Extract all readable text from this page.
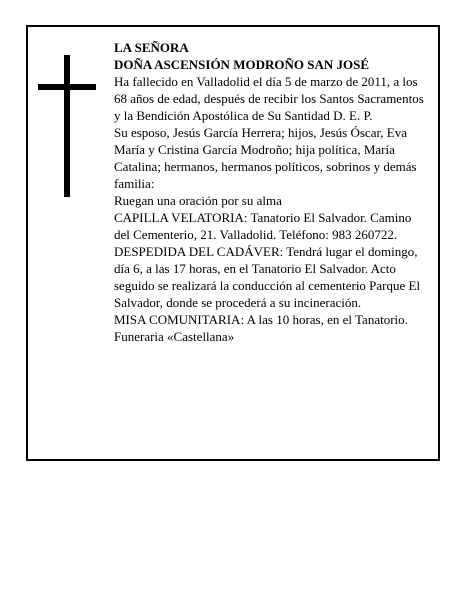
LA SEÑORA

DOÑA ASCENSIÓN MODROÑO SAN JOSÉ

Ha fallecido en Valladolid el día 5 de marzo de 2011, a los 68 años de edad, después de recibir los Santos Sacramentos y la Bendición Apostólica de Su Santidad D. E. P.

Su esposo, Jesús García Herrera; hijos, Jesús Óscar, Eva María y Cristina García Modroño; hija política, María Catalina; hermanos, hermanos políticos, sobrinos y demás familia:

Ruegan una oración por su alma

CAPILLA VELATORIA: Tanatorio El Salvador. Camino del Cementerio, 21. Valladolid. Teléfono: 983 260722.

DESPEDIDA DEL CADÁVER: Tendrá lugar el domingo, día 6, a las 17 horas, en el Tanatorio El Salvador. Acto seguido se realizará la conducción al cementerio Parque El Salvador, donde se procederá a su incineración.

MISA COMUNITARIA: A las 10 horas, en el Tanatorio.

Funeraria «Castellana»
